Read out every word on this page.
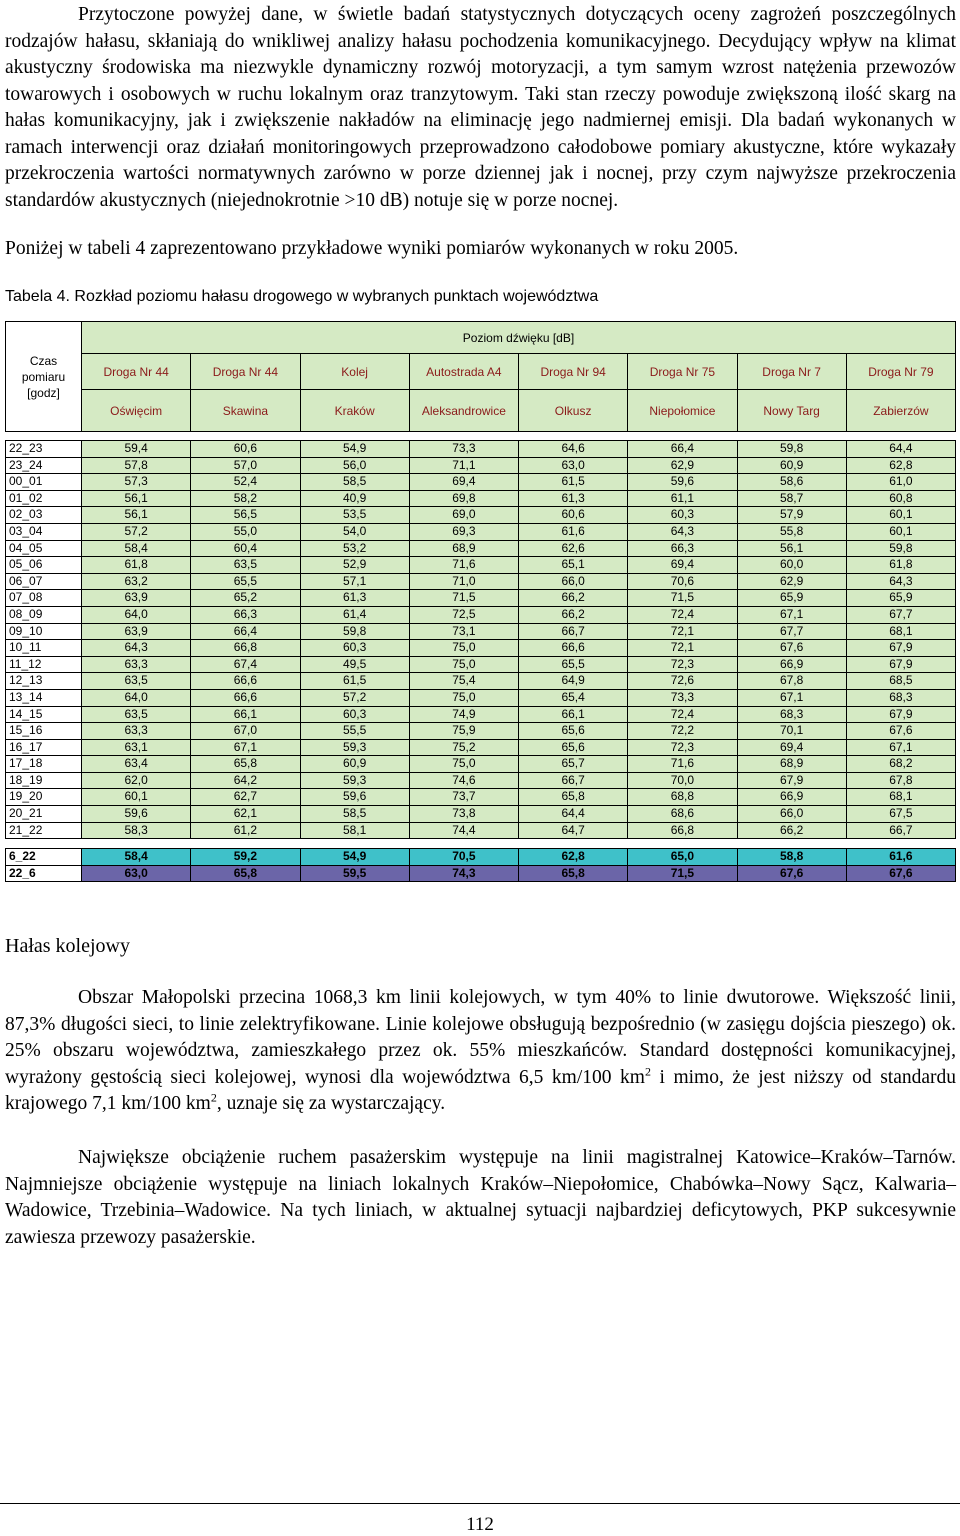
Przytoczone powyżej dane, w świetle badań statystycznych dotyczących oceny zagrożeń poszczególnych rodzajów hałasu, skłaniają do wnikliwej analizy hałasu pochodzenia komunikacyjnego. Decydujący wpływ na klimat akustyczny środowiska ma niezwykle dynamiczny rozwój motoryzacji, a tym samym wzrost natężenia przewozów towarowych i osobowych w ruchu lokalnym oraz tranzytowym. Taki stan rzeczy powoduje zwiększoną ilość skarg na hałas komunikacyjny, jak i zwiększenie nakładów na eliminację jego nadmiernej emisji. Dla badań wykonanych w ramach interwencji oraz działań monitoringowych przeprowadzono całodobowe pomiary akustyczne, które wykazały przekroczenia wartości normatywnych zarówno w porze dziennej jak i nocnej, przy czym najwyższe przekroczenia standardów akustycznych (niejednokrotnie >10 dB) notuje się w porze nocnej.

Poniżej w tabeli 4 zaprezentowano przykładowe wyniki pomiarów wykonanych w roku 2005.

Tabela 4. Rozkład poziomu hałasu drogowego w wybranych punktach województwa
Czas
pomiaru
[godz]	Poziom dźwięku [dB]							
	Droga Nr 44	Droga Nr 44	Kolej	Autostrada A4	Droga Nr 94	Droga Nr 75	Droga Nr 7	Droga Nr 79
	Oświęcim	Skawina	Kraków	Aleksandrowice	Olkusz	Niepołomice	Nowy Targ	Zabierzów

22_23	59,4	60,6	54,9	73,3	64,6	66,4	59,8	64,4
23_24	57,8	57,0	56,0	71,1	63,0	62,9	60,9	62,8
00_01	57,3	52,4	58,5	69,4	61,5	59,6	58,6	61,0
01_02	56,1	58,2	40,9	69,8	61,3	61,1	58,7	60,8
02_03	56,1	56,5	53,5	69,0	60,6	60,3	57,9	60,1
03_04	57,2	55,0	54,0	69,3	61,6	64,3	55,8	60,1
04_05	58,4	60,4	53,2	68,9	62,6	66,3	56,1	59,8
05_06	61,8	63,5	52,9	71,6	65,1	69,4	60,0	61,8
06_07	63,2	65,5	57,1	71,0	66,0	70,6	62,9	64,3
07_08	63,9	65,2	61,3	71,5	66,2	71,5	65,9	65,9
08_09	64,0	66,3	61,4	72,5	66,2	72,4	67,1	67,7
09_10	63,9	66,4	59,8	73,1	66,7	72,1	67,7	68,1
10_11	64,3	66,8	60,3	75,0	66,6	72,1	67,6	67,9
11_12	63,3	67,4	49,5	75,0	65,5	72,3	66,9	67,9
12_13	63,5	66,6	61,5	75,4	64,9	72,6	67,8	68,5
13_14	64,0	66,6	57,2	75,0	65,4	73,3	67,1	68,3
14_15	63,5	66,1	60,3	74,9	66,1	72,4	68,3	67,9
15_16	63,3	67,0	55,5	75,9	65,6	72,2	70,1	67,6
16_17	63,1	67,1	59,3	75,2	65,6	72,3	69,4	67,1
17_18	63,4	65,8	60,9	75,0	65,7	71,6	68,9	68,2
18_19	62,0	64,2	59,3	74,6	66,7	70,0	67,9	67,8
19_20	60,1	62,7	59,6	73,7	65,8	68,8	66,9	68,1
20_21	59,6	62,1	58,5	73,8	64,4	68,6	66,0	67,5
21_22	58,3	61,2	58,1	74,4	64,7	66,8	66,2	66,7

6_22	58,4	59,2	54,9	70,5	62,8	65,0	58,8	61,6
22_6	63,0	65,8	59,5	74,3	65,8	71,5	67,6	67,6
Hałas kolejowy

Obszar Małopolski przecina 1068,3 km linii kolejowych, w tym 40% to linie dwutorowe. Większość linii, 87,3% długości sieci, to linie zelektryfikowane. Linie kolejowe obsługują bezpośrednio (w zasięgu dojścia pieszego) ok. 25% obszaru województwa, zamieszkałego przez ok. 55% mieszkańców. Standard dostępności komunikacyjnej, wyrażony gęstością sieci kolejowej, wynosi dla województwa 6,5 km/100 $km^2$ i mimo, że jest niższy od standardu krajowego 7,1 km/100 $km^2$, uznaje się za wystarczający.

Największe obciążenie ruchem pasażerskim występuje na linii magistralnej Katowice–Kraków–Tarnów. Najmniejsze obciążenie występuje na liniach lokalnych Kraków–Niepołomice, Chabówka–Nowy Sącz, Kalwaria–Wadowice, Trzebinia–Wadowice. Na tych liniach, w aktualnej sytuacji najbardziej deficytowych, PKP sukcesywnie zawiesza przewozy pasażerskie.

112
